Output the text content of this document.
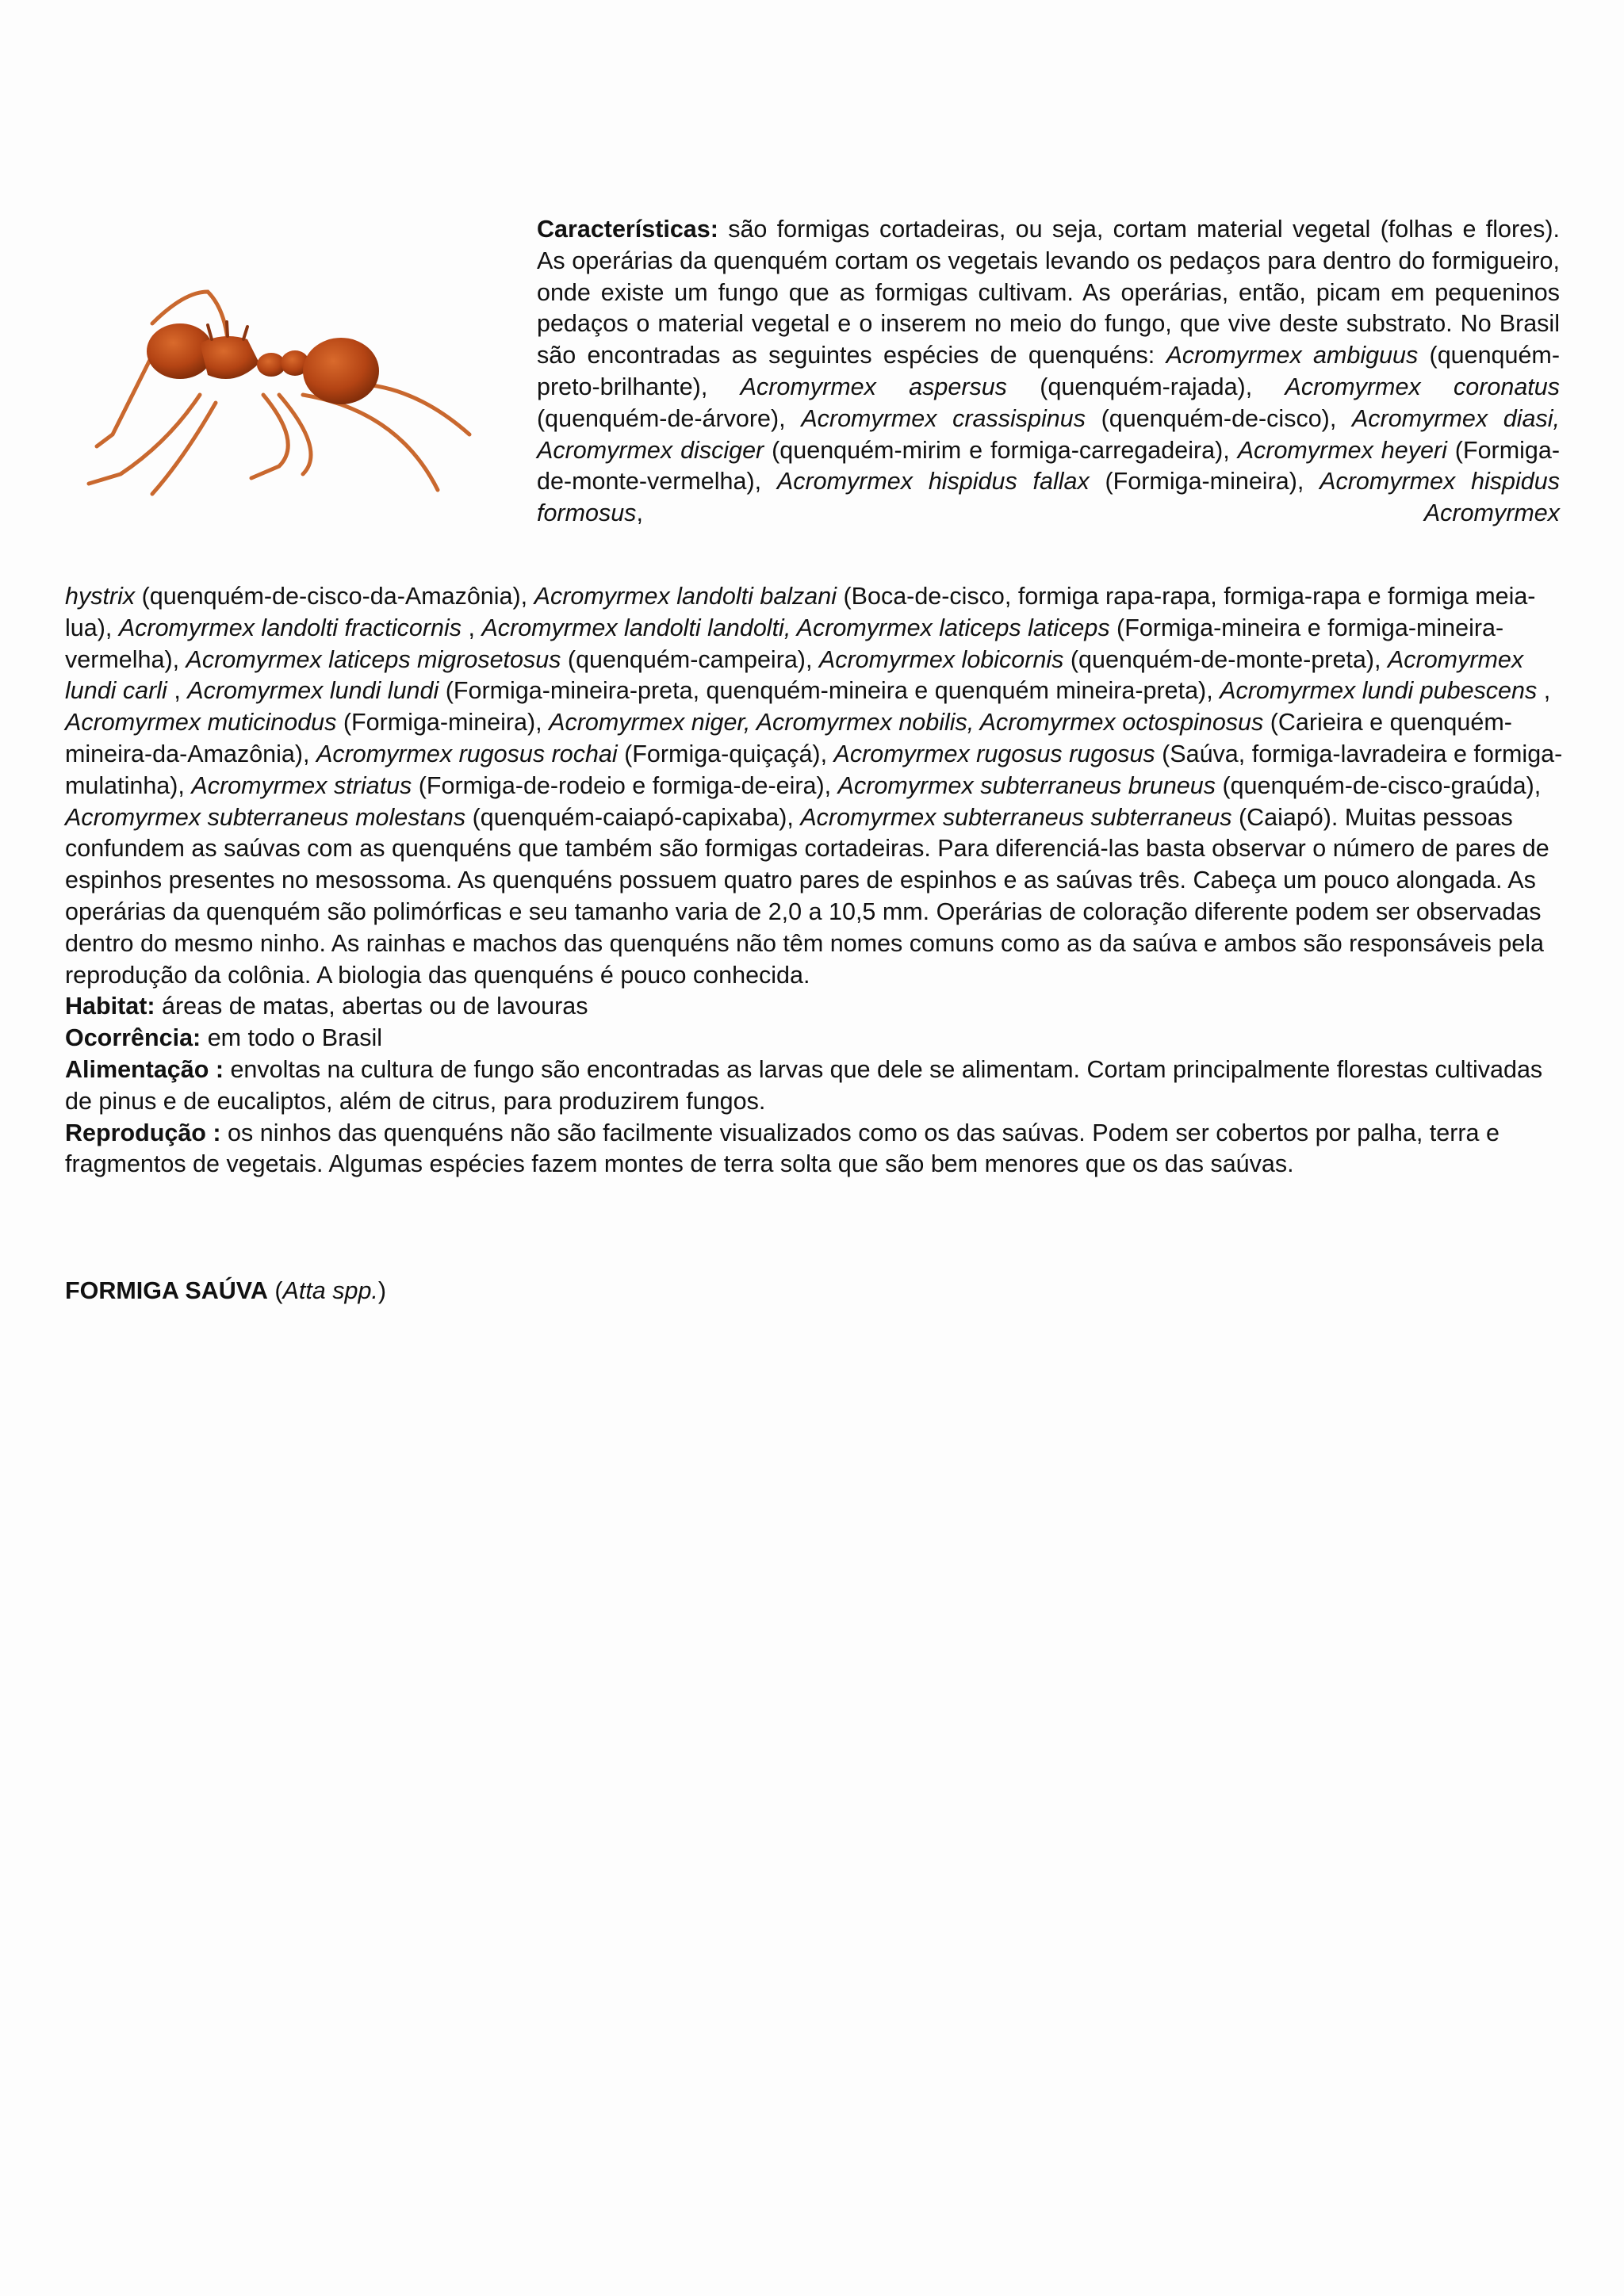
Características: são formigas cortadeiras, ou seja, cortam material vegetal (folhas e flores). As operárias da quenquém cortam os vegetais levando os pedaços para dentro do formigueiro, onde existe um fungo que as formigas cultivam. As operárias, então, picam em pequeninos pedaços o material vegetal e o inserem no meio do fungo, que vive deste substrato. No Brasil são encontradas as seguintes espécies de quenquéns: Acromyrmex ambiguus (quenquém-preto-brilhante), Acromyrmex aspersus (quenquém-rajada), Acromyrmex coronatus (quenquém-de-árvore), Acromyrmex crassispinus (quenquém-de-cisco), Acromyrmex diasi, Acromyrmex disciger (quenquém-mirim e formiga-carregadeira), Acromyrmex heyeri (Formiga-de-monte-vermelha), Acromyrmex hispidus fallax (Formiga-mineira), Acromyrmex hispidus formosus, Acromyrmex

hystrix (quenquém-de-cisco-da-Amazônia), Acromyrmex landolti balzani (Boca-de-cisco, formiga rapa-rapa, formiga-rapa e formiga meia-lua), Acromyrmex landolti fracticornis , Acromyrmex landolti landolti, Acromyrmex laticeps laticeps (Formiga-mineira e formiga-mineira-vermelha), Acromyrmex laticeps migrosetosus (quenquém-campeira), Acromyrmex lobicornis (quenquém-de-monte-preta), Acromyrmex lundi carli , Acromyrmex lundi lundi (Formiga-mineira-preta, quenquém-mineira e quenquém mineira-preta), Acromyrmex lundi pubescens , Acromyrmex muticinodus (Formiga-mineira), Acromyrmex niger, Acromyrmex nobilis, Acromyrmex octospinosus (Carieira e quenquém-mineira-da-Amazônia), Acromyrmex rugosus rochai (Formiga-quiçaçá), Acromyrmex rugosus rugosus (Saúva, formiga-lavradeira e formiga-mulatinha), Acromyrmex striatus (Formiga-de-rodeio e formiga-de-eira), Acromyrmex subterraneus bruneus (quenquém-de-cisco-graúda), Acromyrmex subterraneus molestans (quenquém-caiapó-capixaba), Acromyrmex subterraneus subterraneus (Caiapó). Muitas pessoas confundem as saúvas com as quenquéns que também são formigas cortadeiras. Para diferenciá-las basta observar o número de pares de espinhos presentes no mesossoma. As quenquéns possuem quatro pares de espinhos e as saúvas três. Cabeça um pouco alongada. As operárias da quenquém são polimórficas e seu tamanho varia de 2,0 a 10,5 mm. Operárias de coloração diferente podem ser observadas dentro do mesmo ninho. As rainhas e machos das quenquéns não têm nomes comuns como as da saúva e ambos são responsáveis pela reprodução da colônia. A biologia das quenquéns é pouco conhecida.

Habitat: áreas de matas, abertas ou de lavouras

Ocorrência: em todo o Brasil

Alimentação : envoltas na cultura de fungo são encontradas as larvas que dele se alimentam. Cortam principalmente florestas cultivadas de pinus e de eucaliptos, além de citrus, para produzirem fungos.

Reprodução : os ninhos das quenquéns não são facilmente visualizados como os das saúvas. Podem ser cobertos por palha, terra e fragmentos de vegetais. Algumas espécies fazem montes de terra solta que são bem menores que os das saúvas.

FORMIGA SAÚVA (Atta spp.)
